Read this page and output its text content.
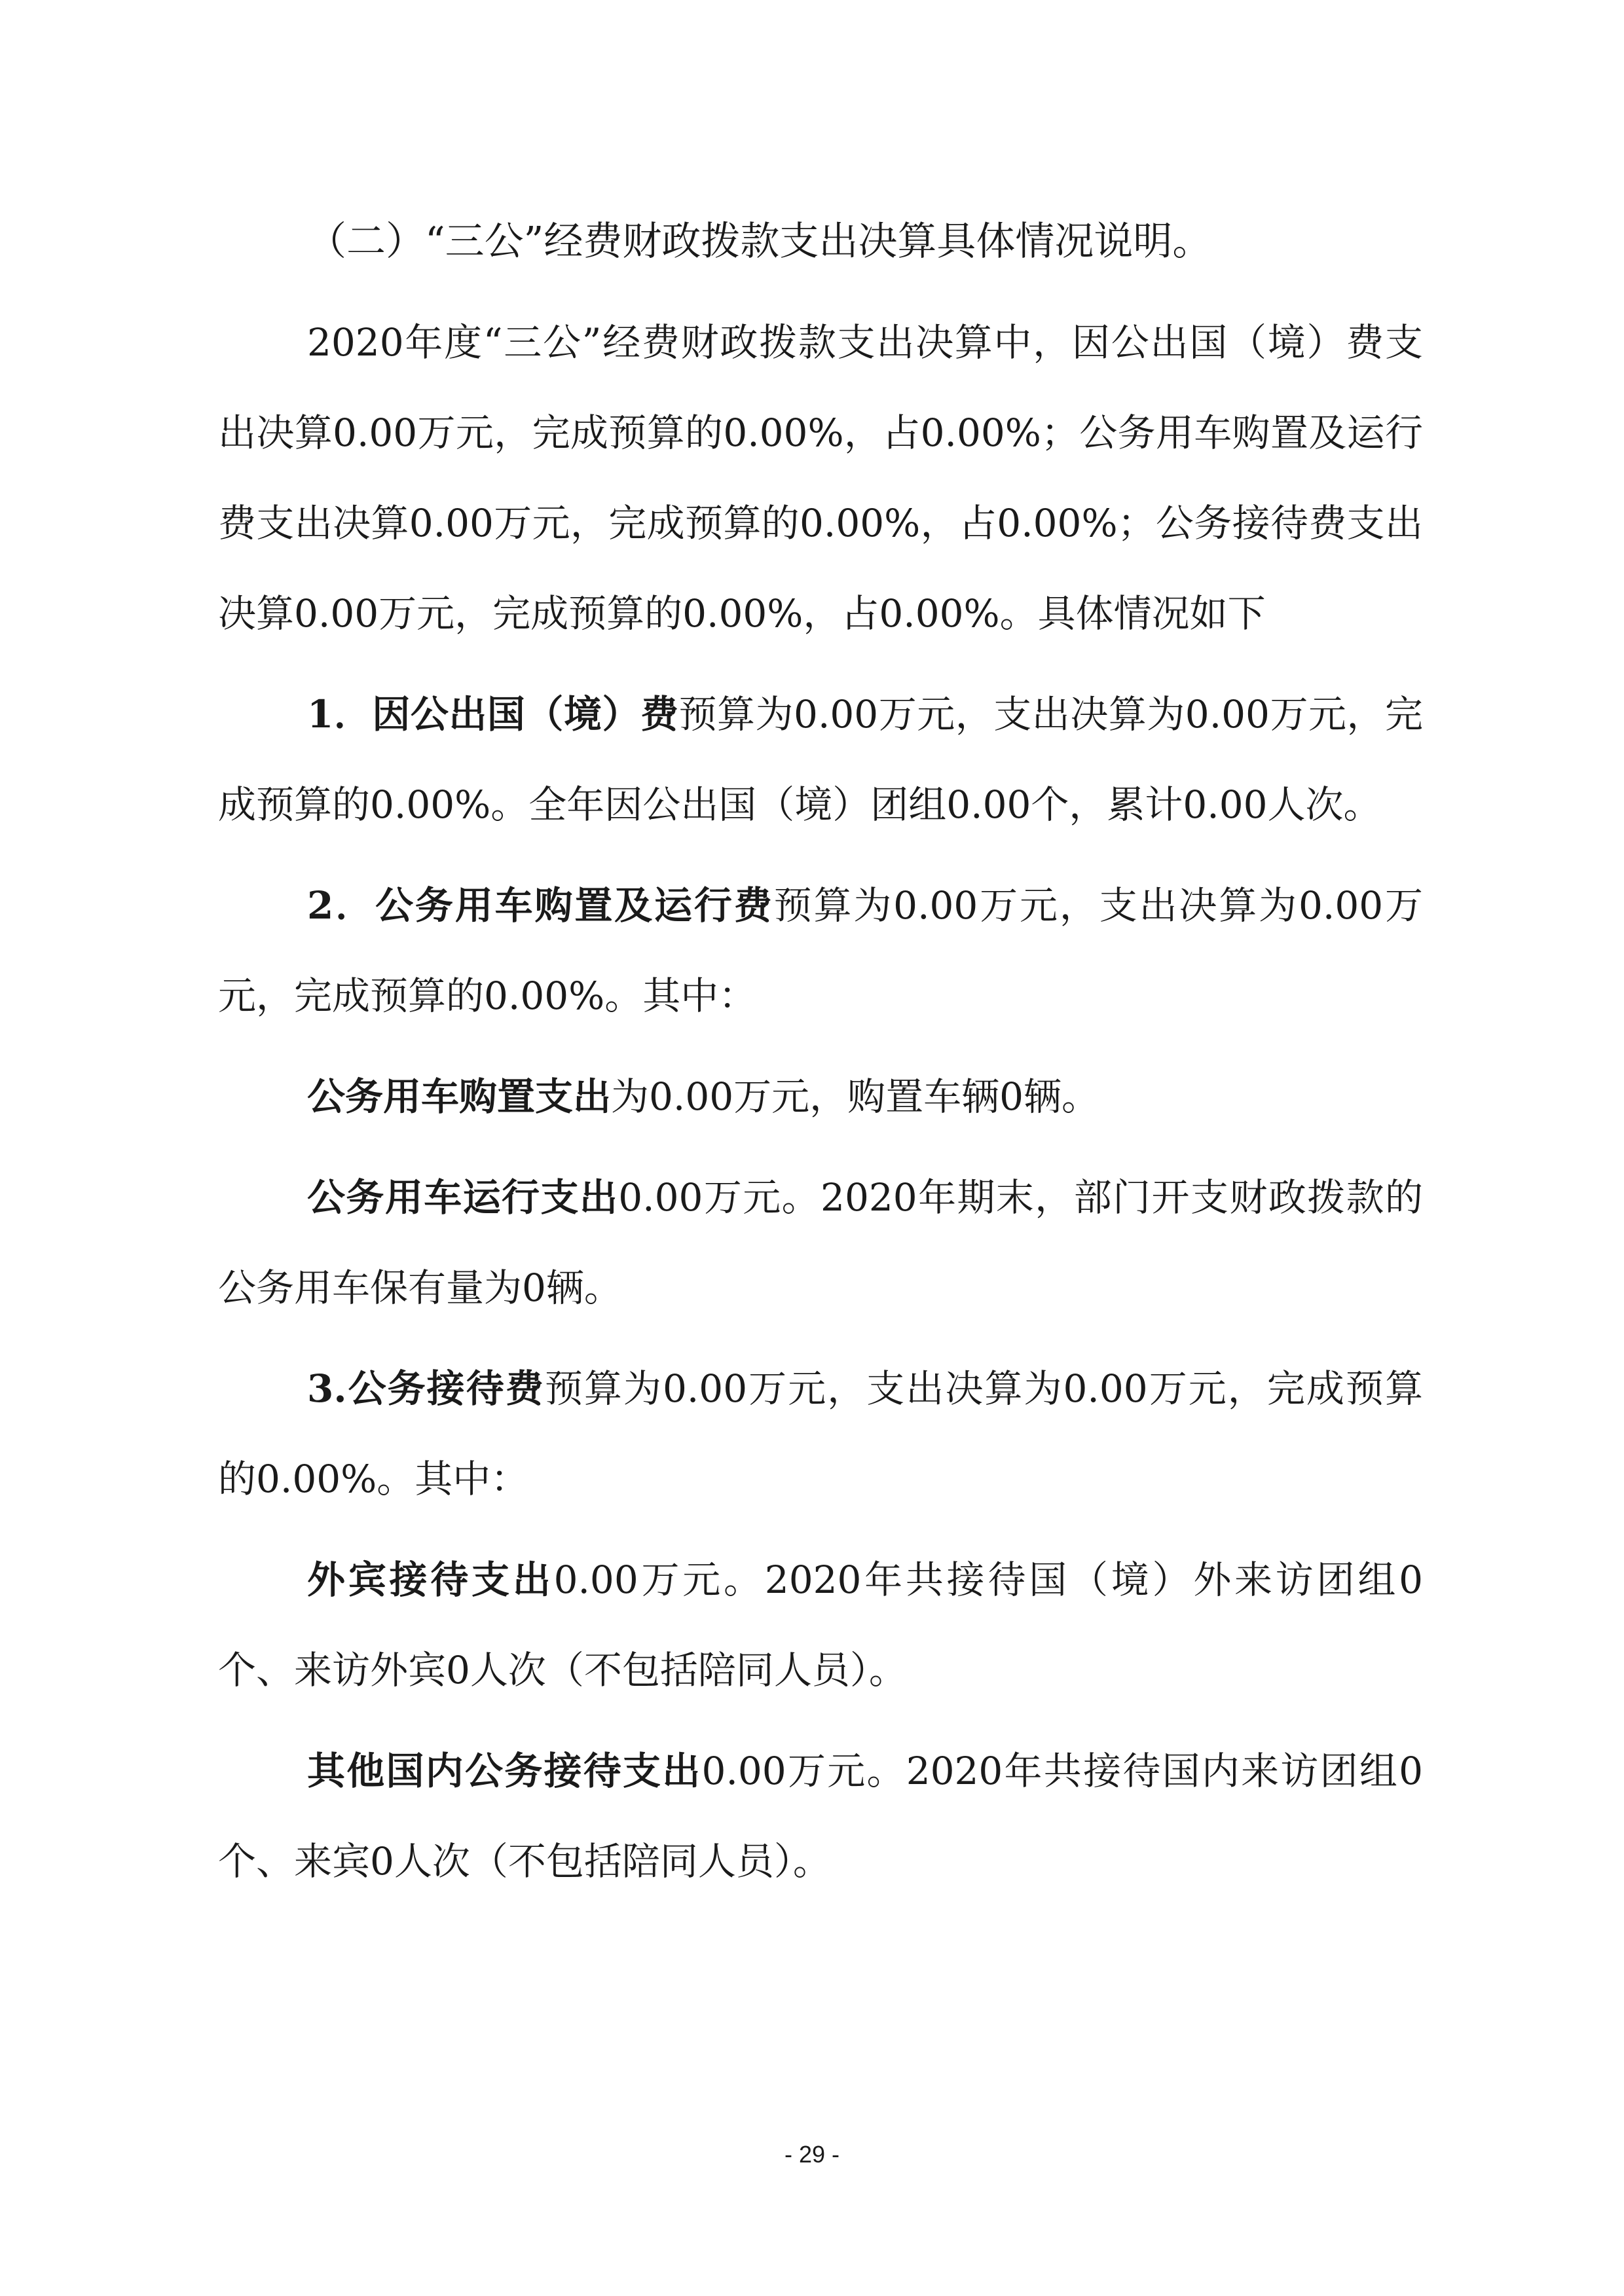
（二）“三公”经费财政拨款支出决算具体情况说明。

2020年度“三公”经费财政拨款支出决算中，因公出国（境）费支出决算0.00万元，完成预算的0.00%，占0.00%；公务用车购置及运行费支出决算0.00万元，完成预算的0.00%，占0.00%；公务接待费支出决算0.00万元，完成预算的0.00%，占0.00%。具体情况如下

1．因公出国（境）费预算为0.00万元，支出决算为0.00万元，完成预算的0.00%。全年因公出国（境）团组0.00个，累计0.00人次。

2．公务用车购置及运行费预算为0.00万元，支出决算为0.00万元，完成预算的0.00%。其中：

公务用车购置支出为0.00万元，购置车辆0辆。

公务用车运行支出0.00万元。2020年期末，部门开支财政拨款的公务用车保有量为0辆。

3.公务接待费预算为0.00万元，支出决算为0.00万元，完成预算的0.00%。其中：

外宾接待支出0.00万元。2020年共接待国（境）外来访团组0个、来访外宾0人次（不包括陪同人员）。

其他国内公务接待支出0.00万元。2020年共接待国内来访团组0个、来宾0人次（不包括陪同人员）。

- 29 -
